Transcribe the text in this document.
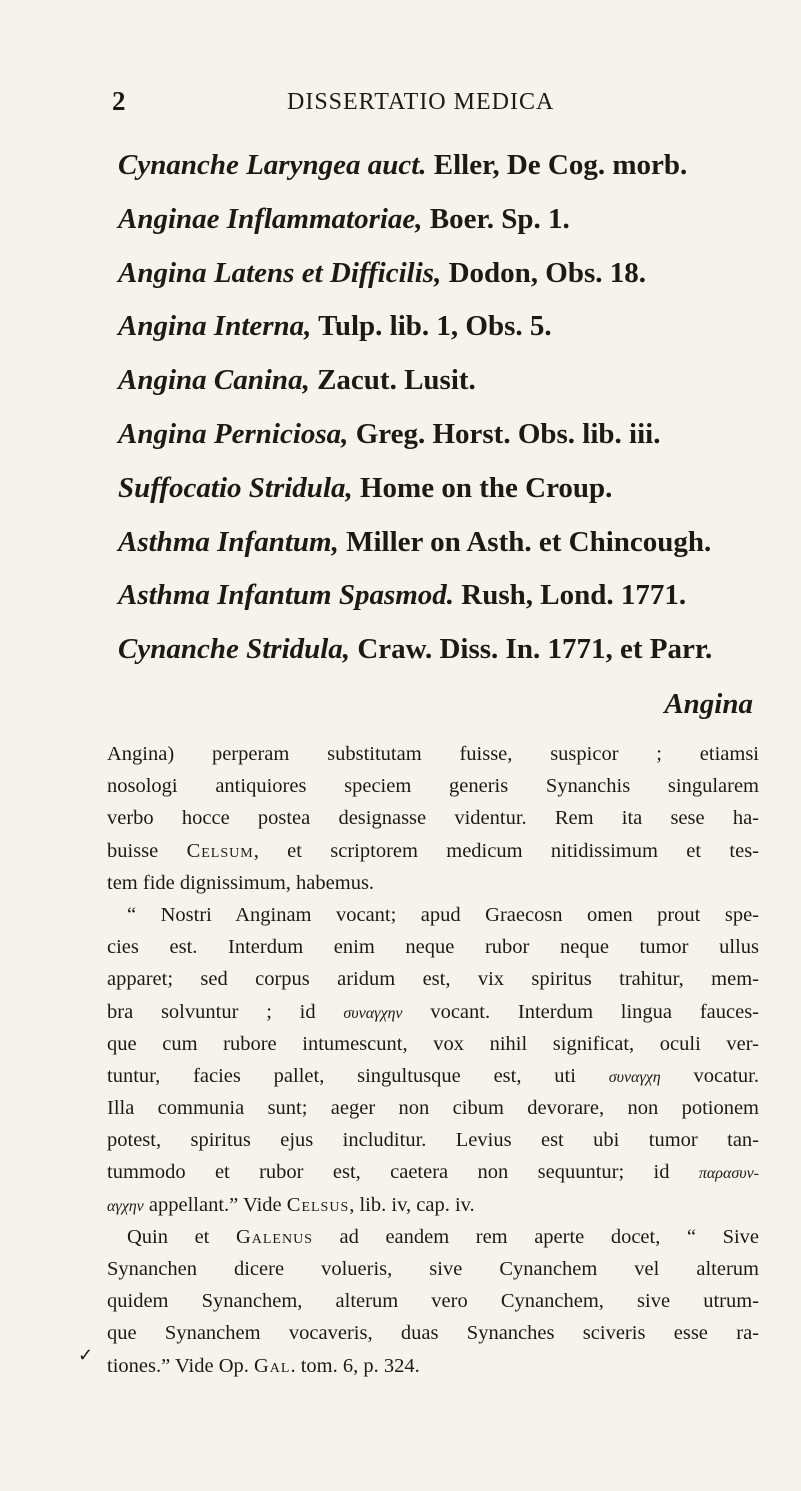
2	DISSERTATIO MEDICA
Cynanche Laryngea auct. Eller, De Cog. morb.
Anginae Inflammatoriae, Boer. Sp. 1.
Angina Latens et Difficilis, Dodon, Obs. 18.
Angina Interna, Tulp. lib. 1, Obs. 5.
Angina Canina, Zacut. Lusit.
Angina Perniciosa, Greg. Horst. Obs. lib. iii.
Suffocatio Stridula, Home on the Croup.
Asthma Infantum, Miller on Asth. et Chincough.
Asthma Infantum Spasmod. Rush, Lond. 1771.
Cynanche Stridula, Craw. Diss. In. 1771, et Parr.
Angina
Angina) perperam substitutam fuisse, suspicor ; etiamsi
nosologi antiquiores speciem generis Synanchis singularem
verbo hocce postea designasse videntur. Rem ita sese ha-
buisse Celsum, et scriptorem medicum nitidissimum et tes-
tem fide dignissimum, habemus.
“ Nostri Anginam vocant; apud Graecosn omen prout spe-
cies est. Interdum enim neque rubor neque tumor ullus
apparet; sed corpus aridum est, vix spiritus trahitur, mem-
bra solvuntur ; id συναγχην vocant. Interdum lingua fauces-
que cum rubore intumescunt, vox nihil significat, oculi ver-
tuntur, facies pallet, singultusque est, uti συναγχη vocatur.
Illa communia sunt; aeger non cibum devorare, non potionem
potest, spiritus ejus includitur. Levius est ubi tumor tan-
tummodo et rubor est, caetera non sequuntur; id παρασυν-
αγχην appellant.” Vide Celsus, lib. iv, cap. iv.
Quin et Galenus ad eandem rem aperte docet, “ Sive
Synanchen dicere volueris, sive Cynanchem vel alterum
quidem Synanchem, alterum vero Cynanchem, sive utrum-
que Synanchem vocaveris, duas Synanches sciveris esse ra-
tiones.” Vide Op. Gal. tom. 6, p. 324.
✓
